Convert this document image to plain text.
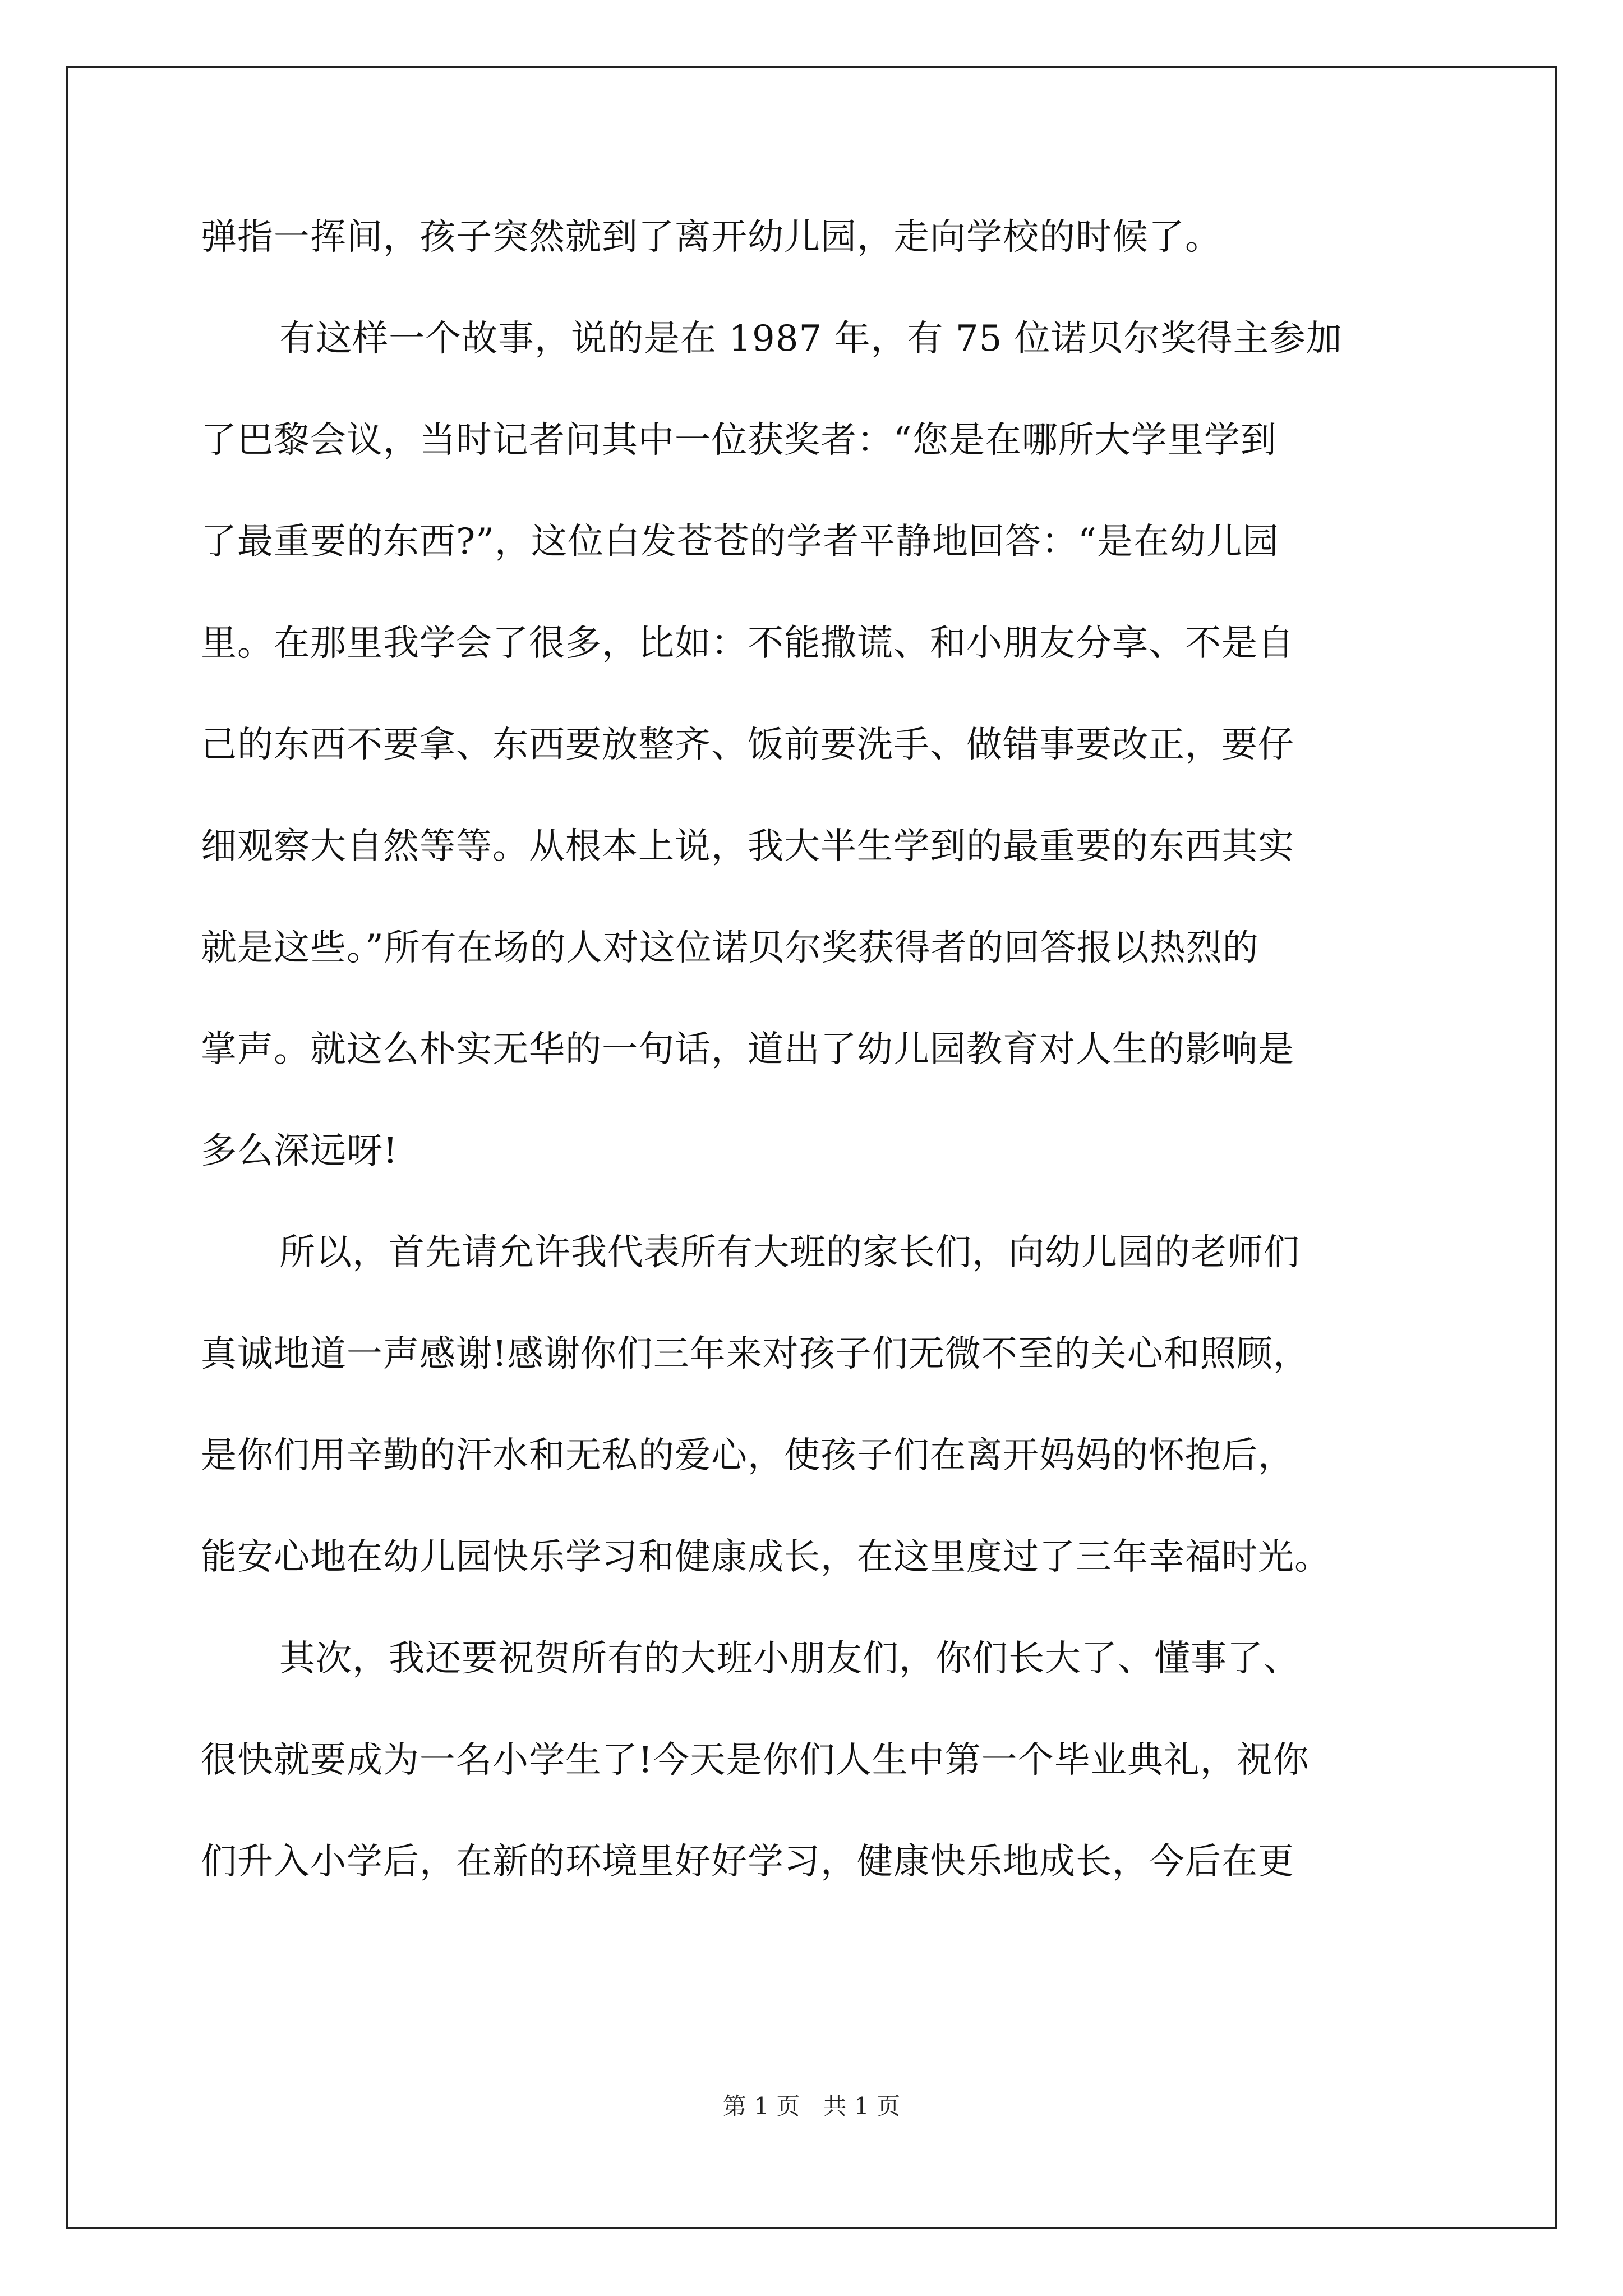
弹指一挥间，孩子突然就到了离开幼儿园，走向学校的时候了。
有这样一个故事，说的是在 1987 年，有 75 位诺贝尔奖得主参加
了巴黎会议，当时记者问其中一位获奖者：“您是在哪所大学里学到
了最重要的东西?”，这位白发苍苍的学者平静地回答：“是在幼儿园
里。在那里我学会了很多，比如：不能撒谎、和小朋友分享、不是自
己的东西不要拿、东西要放整齐、饭前要洗手、做错事要改正，要仔
细观察大自然等等。从根本上说，我大半生学到的最重要的东西其实
就是这些。”所有在场的人对这位诺贝尔奖获得者的回答报以热烈的
掌声。就这么朴实无华的一句话，道出了幼儿园教育对人生的影响是
多么深远呀!
所以，首先请允许我代表所有大班的家长们，向幼儿园的老师们
真诚地道一声感谢!感谢你们三年来对孩子们无微不至的关心和照顾，
是你们用辛勤的汗水和无私的爱心，使孩子们在离开妈妈的怀抱后，
能安心地在幼儿园快乐学习和健康成长，在这里度过了三年幸福时光。
其次，我还要祝贺所有的大班小朋友们，你们长大了、懂事了、
很快就要成为一名小学生了!今天是你们人生中第一个毕业典礼，祝你
们升入小学后，在新的环境里好好学习，健康快乐地成长，今后在更
第 1 页 共 1 页
